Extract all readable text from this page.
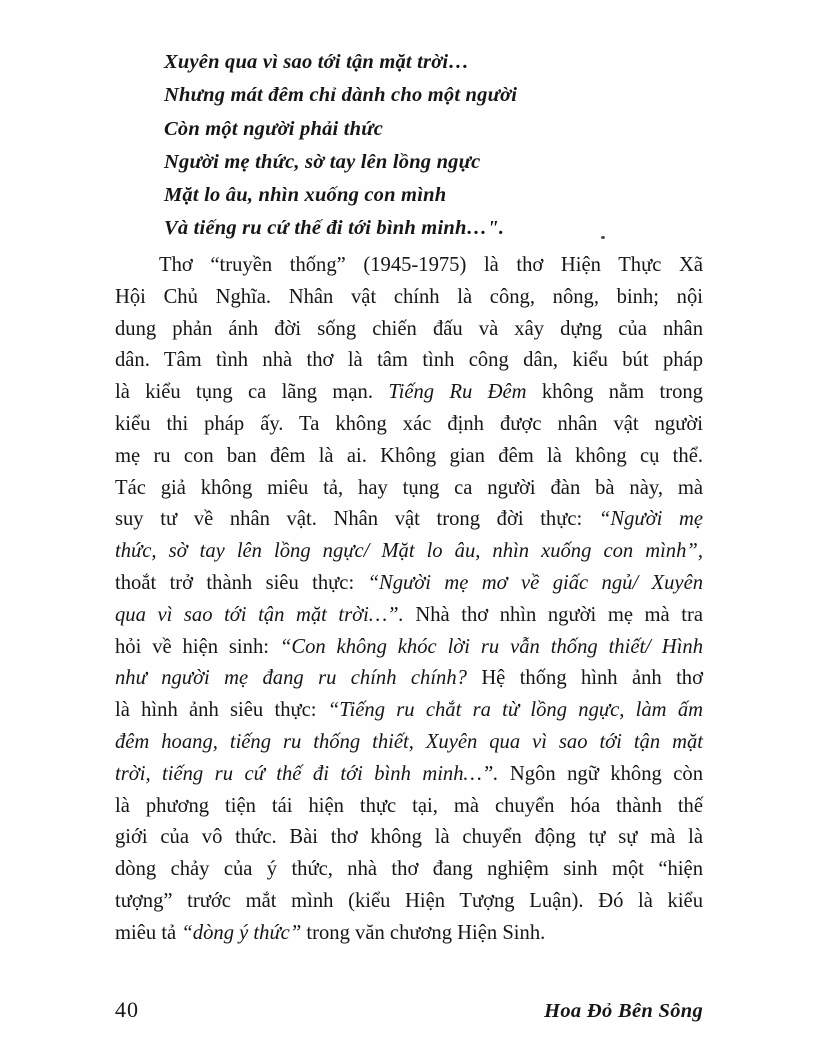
Xuyên qua vì sao tới tận mặt trời…
Nhưng mát đêm chỉ dành cho một người
Còn một người phải thức
Người mẹ thức, sờ tay lên lồng ngực
Mặt lo âu, nhìn xuống con mình
Và tiếng ru cứ thế đi tới bình minh…".
Thơ “truyền thống” (1945-1975) là thơ Hiện Thực Xã
Hội Chủ Nghĩa. Nhân vật chính là công, nông, binh; nội
dung phản ánh đời sống chiến đấu và xây dựng của nhân
dân. Tâm tình nhà thơ là tâm tình công dân, kiểu bút pháp
là kiểu tụng ca lãng mạn. Tiếng Ru Đêm không nằm trong
kiểu thi pháp ấy. Ta không xác định được nhân vật người
mẹ ru con ban đêm là ai. Không gian đêm là không cụ thể.
Tác giả không miêu tả, hay tụng ca người đàn bà này, mà
suy tư về nhân vật. Nhân vật trong đời thực: “Người mẹ
thức, sờ tay lên lồng ngực/ Mặt lo âu, nhìn xuống con mình”,
thoắt trở thành siêu thực: “Người mẹ mơ về giấc ngủ/ Xuyên
qua vì sao tới tận mặt trời…”. Nhà thơ nhìn người mẹ mà tra
hỏi về hiện sinh: “Con không khóc lời ru vẫn thống thiết/ Hình
như người mẹ đang ru chính chính? Hệ thống hình ảnh thơ
là hình ảnh siêu thực: “Tiếng ru chắt ra từ lồng ngực, làm ấm
đêm hoang, tiếng ru thống thiết, Xuyên qua vì sao tới tận mặt
trời, tiếng ru cứ thế đi tới bình minh…”. Ngôn ngữ không còn
là phương tiện tái hiện thực tại, mà chuyển hóa thành thế
giới của vô thức. Bài thơ không là chuyển động tự sự mà là
dòng chảy của ý thức, nhà thơ đang nghiệm sinh một “hiện
tượng” trước mắt mình (kiểu Hiện Tượng Luận). Đó là kiểu
miêu tả “dòng ý thức” trong văn chương Hiện Sinh.
40	Hoa Đỏ Bên Sông
